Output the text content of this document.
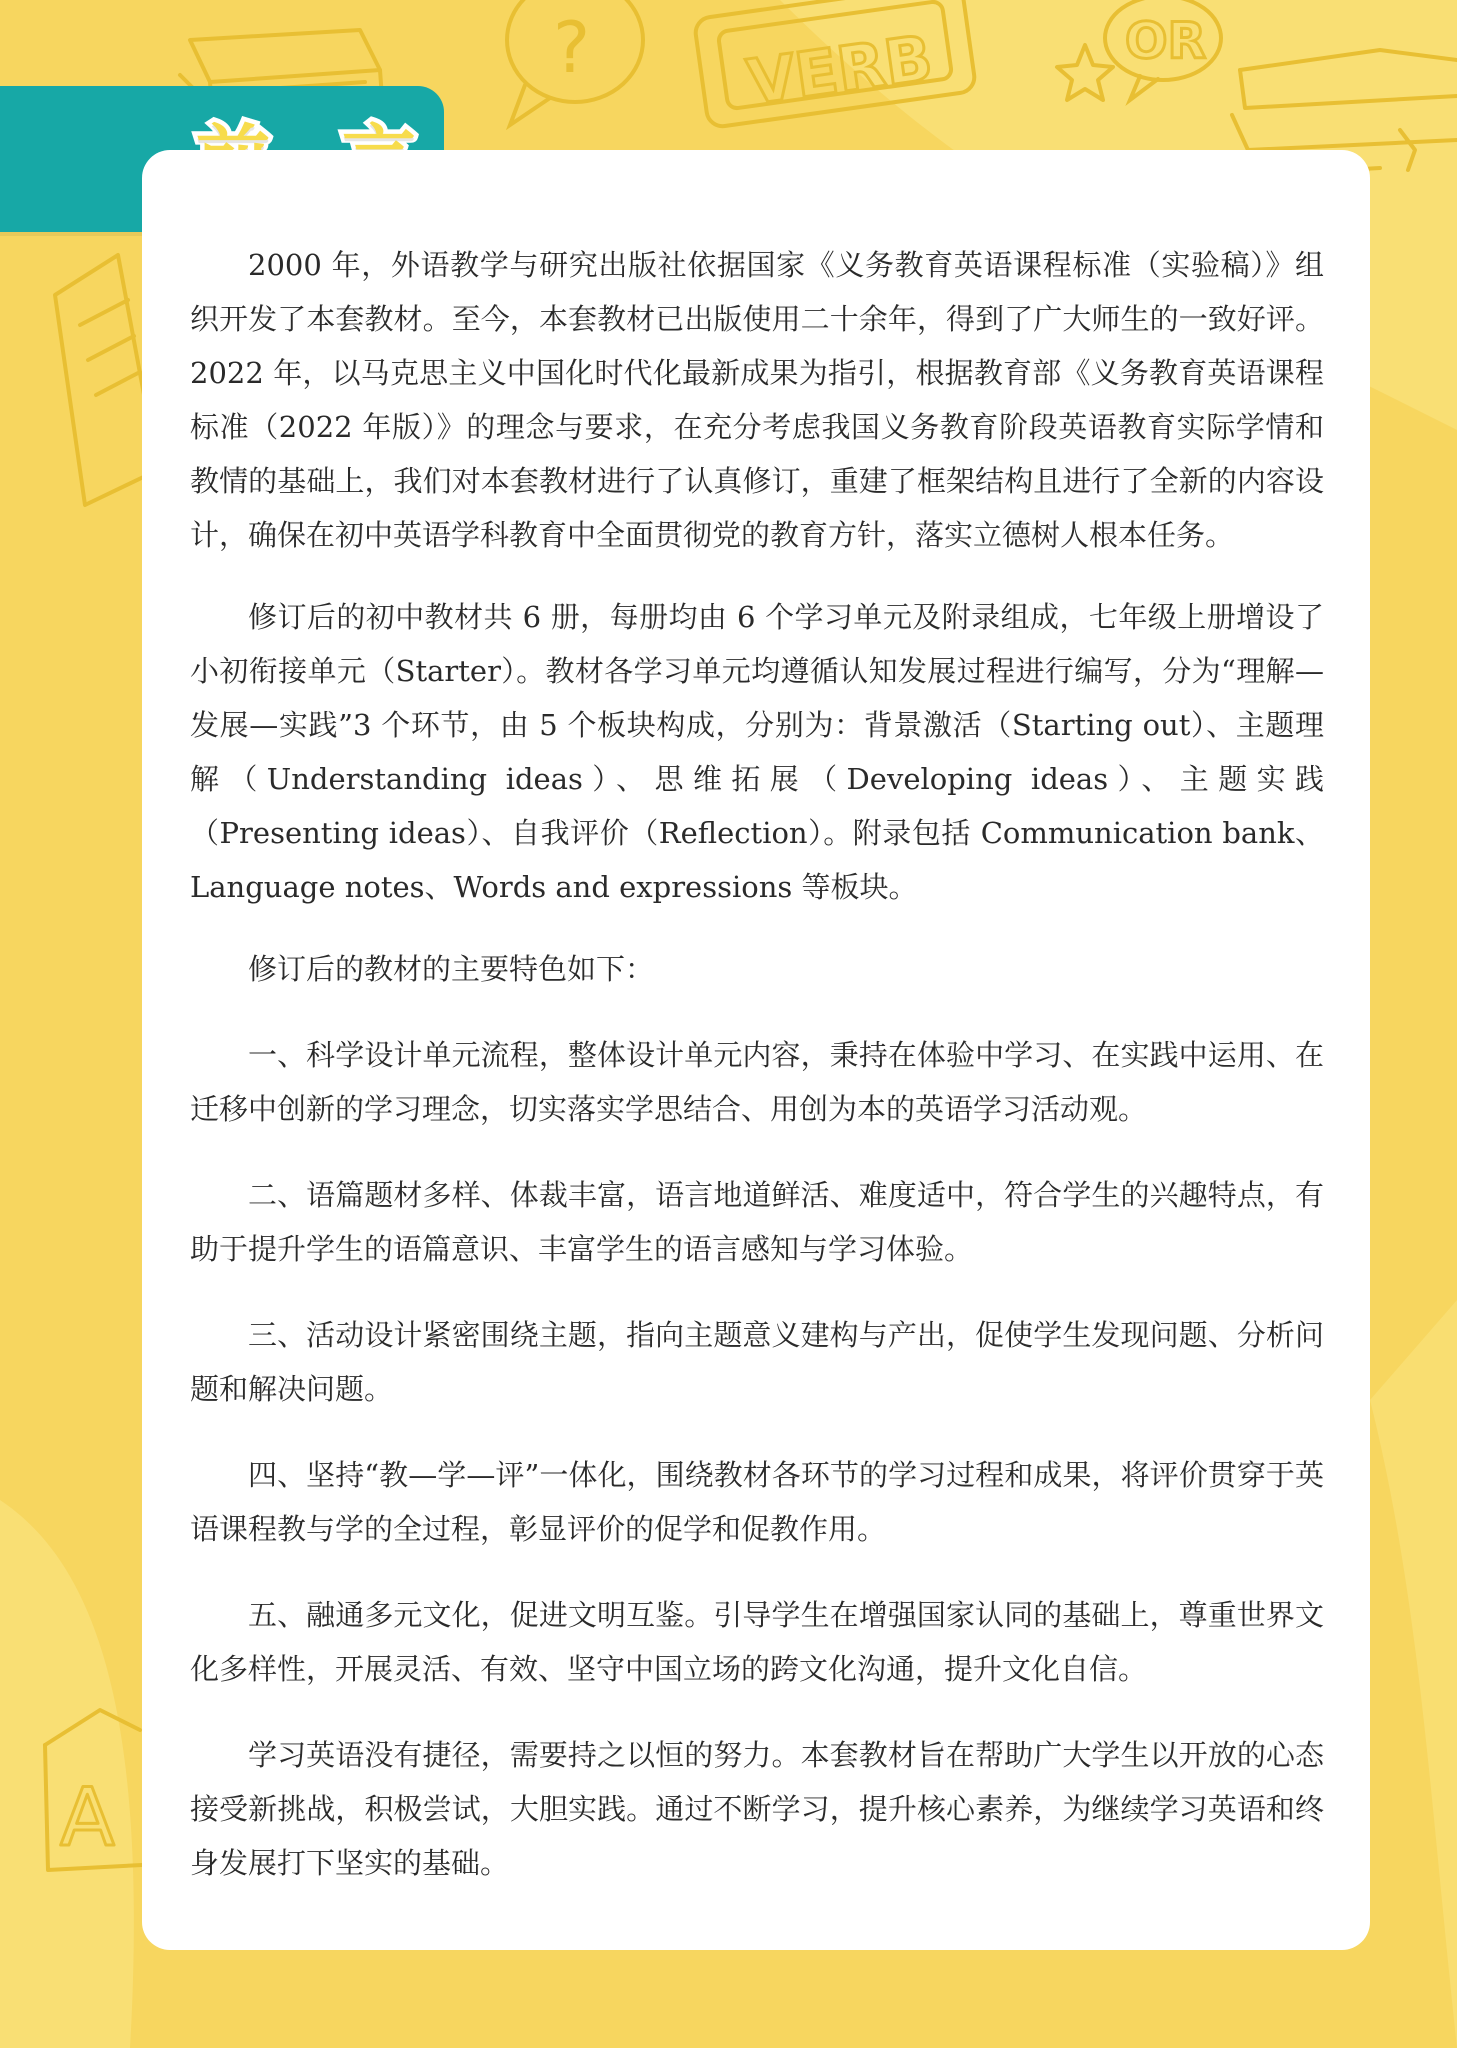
? VERB	OR
A

2000 年，外语教学与研究出版社依据国家《义务教育英语课程标准（实验稿）》组织开发了本套教材。至今，本套教材已出版使用二十余年，得到了广大师生的一致好评。2022 年，以马克思主义中国化时代化最新成果为指引，根据教育部《义务教育英语课程标准（2022 年版）》的理念与要求，在充分考虑我国义务教育阶段英语教育实际学情和教情的基础上，我们对本套教材进行了认真修订，重建了框架结构且进行了全新的内容设计，确保在初中英语学科教育中全面贯彻党的教育方针，落实立德树人根本任务。

修订后的初中教材共 6 册，每册均由 6 个学习单元及附录组成，七年级上册增设了小初衔接单元（Starter）。教材各学习单元均遵循认知发展过程进行编写，分为“理解—发展—实践”3 个环节，由 5 个板块构成，分别为：背景激活（Starting out）、主题理解（Understanding ideas）、思维拓展（Developing ideas）、主题实践（Presenting ideas）、自我评价（Reflection）。附录包括 Communication bank、Language notes、Words and expressions 等板块。

修订后的教材的主要特色如下：

一、科学设计单元流程，整体设计单元内容，秉持在体验中学习、在实践中运用、在迁移中创新的学习理念，切实落实学思结合、用创为本的英语学习活动观。

二、语篇题材多样、体裁丰富，语言地道鲜活、难度适中，符合学生的兴趣特点，有助于提升学生的语篇意识、丰富学生的语言感知与学习体验。

三、活动设计紧密围绕主题，指向主题意义建构与产出，促使学生发现问题、分析问题和解决问题。

四、坚持“教—学—评”一体化，围绕教材各环节的学习过程和成果，将评价贯穿于英语课程教与学的全过程，彰显评价的促学和促教作用。

五、融通多元文化，促进文明互鉴。引导学生在增强国家认同的基础上，尊重世界文化多样性，开展灵活、有效、坚守中国立场的跨文化沟通，提升文化自信。

学习英语没有捷径，需要持之以恒的努力。本套教材旨在帮助广大学生以开放的心态接受新挑战，积极尝试，大胆实践。通过不断学习，提升核心素养，为继续学习英语和终身发展打下坚实的基础。
